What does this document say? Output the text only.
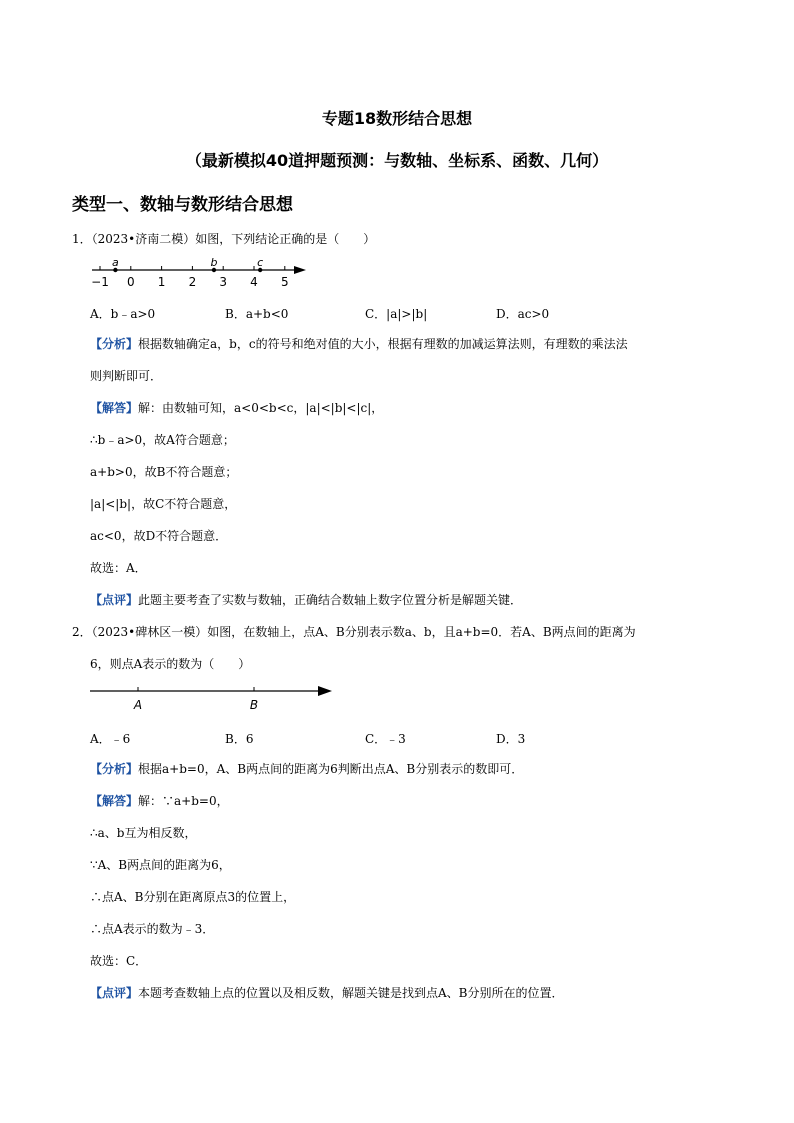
专题18数形结合思想
（最新模拟40道押题预测：与数轴、坐标系、函数、几何）
类型一、数轴与数形结合思想
1．（2023•济南二模）如图，下列结论正确的是（　　）
−1 0 1 2 3 4 5
a	b	c
A．b﹣a>0	B．a+b<0	C．|a|>|b|	D．ac>0
【分析】根据数轴确定a，b，c的符号和绝对值的大小，根据有理数的加减运算法则，有理数的乘法法
则判断即可．
【解答】解：由数轴可知，a<0<b<c，|a|<|b|<|c|，
∴b﹣a>0，故A符合题意；
a+b>0，故B不符合题意；
|a|<|b|，故C不符合题意，
ac<0，故D不符合题意．
故选：A．
【点评】此题主要考查了实数与数轴，正确结合数轴上数字位置分析是解题关键．
2．（2023•碑林区一模）如图，在数轴上，点A、B分别表示数a、b，且a+b=0．若A、B两点间的距离为
6，则点A表示的数为（　　）
A	B
A．﹣6	B．6	C．﹣3	D．3
【分析】根据a+b=0，A、B两点间的距离为6判断出点A、B分别表示的数即可．
【解答】解：∵a+b=0，
∴a、b互为相反数，
∵A、B两点间的距离为6，
∴点A、B分别在距离原点3的位置上，
∴点A表示的数为﹣3．
故选：C．
【点评】本题考查数轴上点的位置以及相反数，解题关键是找到点A、B分别所在的位置．
